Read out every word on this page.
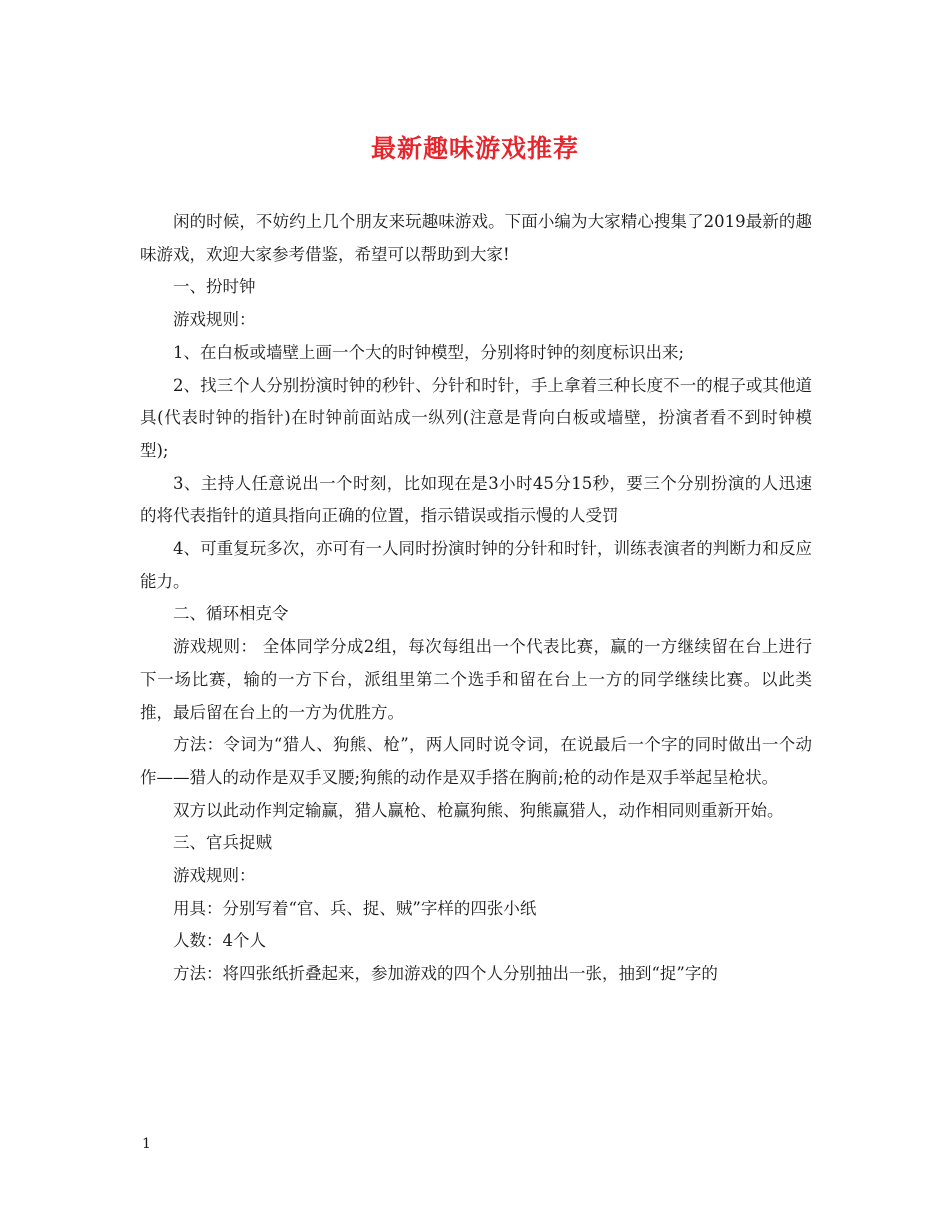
最新趣味游戏推荐

闲的时候，不妨约上几个朋友来玩趣味游戏。下面小编为大家精心搜集了2019最新的趣味游戏，欢迎大家参考借鉴，希望可以帮助到大家!

一、扮时钟

游戏规则：

1、在白板或墙壁上画一个大的时钟模型，分别将时钟的刻度标识出来;

2、找三个人分别扮演时钟的秒针、分针和时针，手上拿着三种长度不一的棍子或其他道具(代表时钟的指针)在时钟前面站成一纵列(注意是背向白板或墙壁，扮演者看不到时钟模型);

3、主持人任意说出一个时刻，比如现在是3小时45分15秒，要三个分别扮演的人迅速的将代表指针的道具指向正确的位置，指示错误或指示慢的人受罚

4、可重复玩多次，亦可有一人同时扮演时钟的分针和时针，训练表演者的判断力和反应能力。

二、循环相克令

游戏规则： 全体同学分成2组，每次每组出一个代表比赛，赢的一方继续留在台上进行下一场比赛，输的一方下台，派组里第二个选手和留在台上一方的同学继续比赛。以此类推，最后留在台上的一方为优胜方。

方法：令词为“猎人、狗熊、枪”，两人同时说令词，在说最后一个字的同时做出一个动作——猎人的动作是双手叉腰;狗熊的动作是双手搭在胸前;枪的动作是双手举起呈枪状。

双方以此动作判定输赢，猎人赢枪、枪赢狗熊、狗熊赢猎人，动作相同则重新开始。

三、官兵捉贼

游戏规则：

用具：分别写着“官、兵、捉、贼”字样的四张小纸

人数：4个人

方法：将四张纸折叠起来，参加游戏的四个人分别抽出一张，抽到“捉”字的

1
